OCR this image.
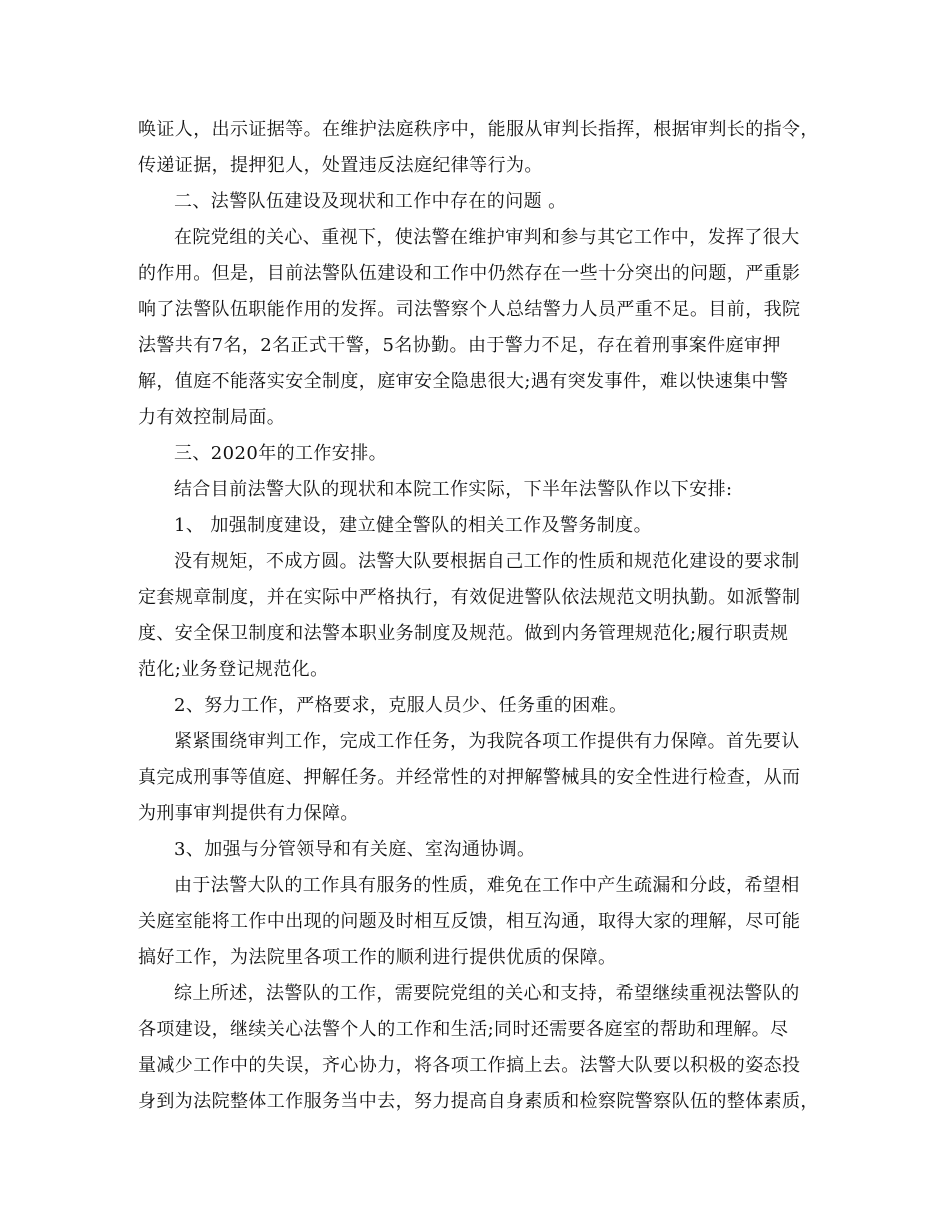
唤证人，出示证据等。在维护法庭秩序中，能服从审判长指挥，根据审判长的指令，
传递证据，提押犯人，处置违反法庭纪律等行为。
二、法警队伍建设及现状和工作中存在的问题 。
在院党组的关心、重视下，使法警在维护审判和参与其它工作中，发挥了很大
的作用。但是，目前法警队伍建设和工作中仍然存在一些十分突出的问题，严重影
响了法警队伍职能作用的发挥。司法警察个人总结警力人员严重不足。目前，我院
法警共有7名，2名正式干警，5名协勤。由于警力不足，存在着刑事案件庭审押
解，值庭不能落实安全制度，庭审安全隐患很大;遇有突发事件，难以快速集中警
力有效控制局面。
三、2020年的工作安排。
结合目前法警大队的现状和本院工作实际，下半年法警队作以下安排:
1、 加强制度建设，建立健全警队的相关工作及警务制度。
没有规矩，不成方圆。法警大队要根据自己工作的性质和规范化建设的要求制
定套规章制度，并在实际中严格执行，有效促进警队依法规范文明执勤。如派警制
度、安全保卫制度和法警本职业务制度及规范。做到内务管理规范化;履行职责规
范化;业务登记规范化。
2、努力工作，严格要求，克服人员少、任务重的困难。
紧紧围绕审判工作，完成工作任务，为我院各项工作提供有力保障。首先要认
真完成刑事等值庭、押解任务。并经常性的对押解警械具的安全性进行检查，从而
为刑事审判提供有力保障。
3、加强与分管领导和有关庭、室沟通协调。
由于法警大队的工作具有服务的性质，难免在工作中产生疏漏和分歧，希望相
关庭室能将工作中出现的问题及时相互反馈，相互沟通，取得大家的理解，尽可能
搞好工作，为法院里各项工作的顺利进行提供优质的保障。
综上所述，法警队的工作，需要院党组的关心和支持，希望继续重视法警队的
各项建设，继续关心法警个人的工作和生活;同时还需要各庭室的帮助和理解。尽
量减少工作中的失误，齐心协力，将各项工作搞上去。法警大队要以积极的姿态投
身到为法院整体工作服务当中去，努力提高自身素质和检察院警察队伍的整体素质，
